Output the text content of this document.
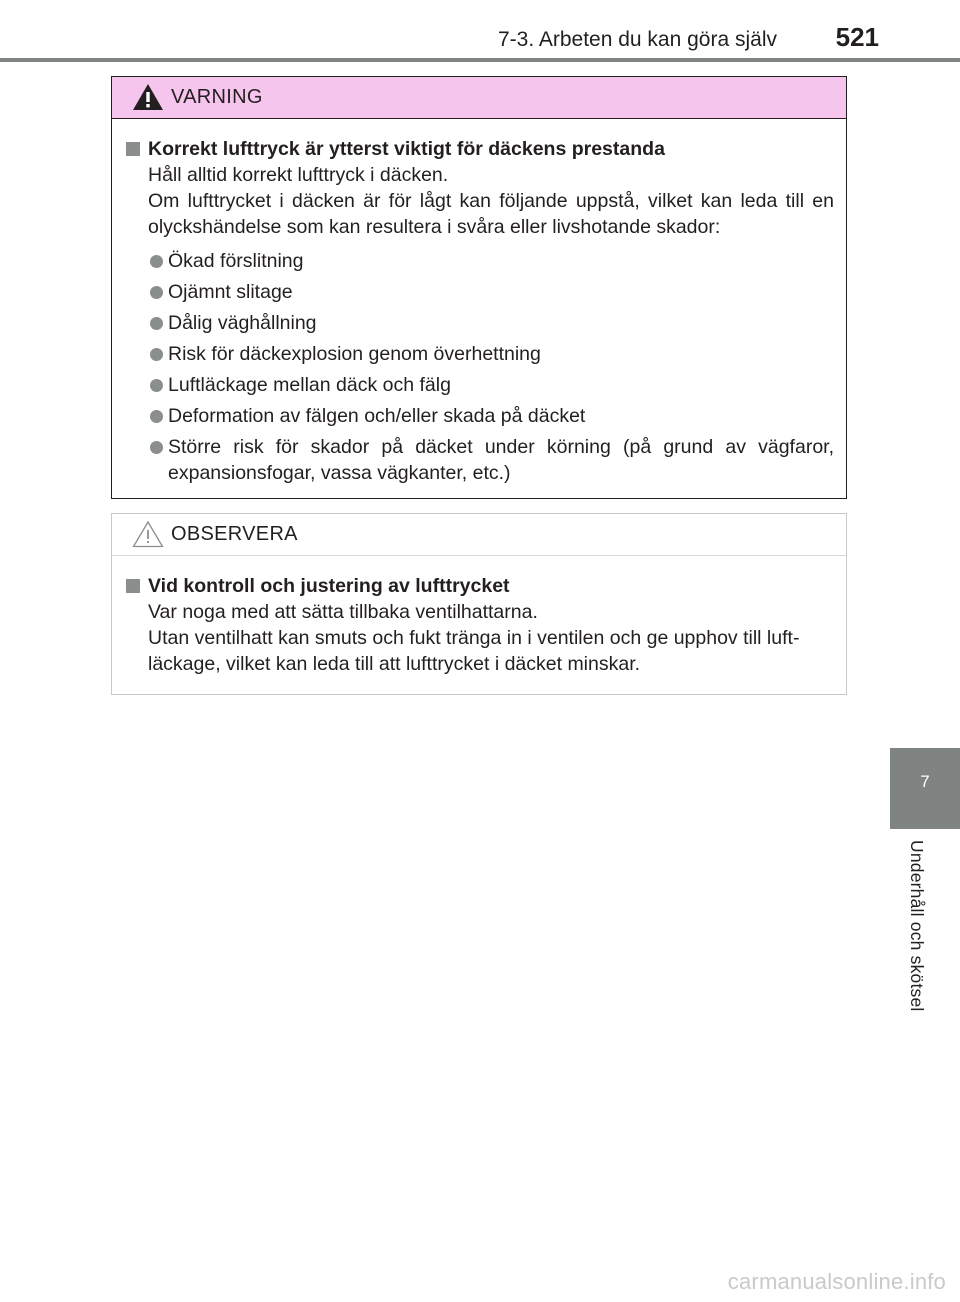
7-3. Arbeten du kan göra själv 521
VARNING
Korrekt lufttryck är ytterst viktigt för däckens prestanda
Håll alltid korrekt lufttryck i däcken.
Om lufttrycket i däcken är för lågt kan följande uppstå, vilket kan leda till en olyckshändelse som kan resultera i svåra eller livshotande skador:
Ökad förslitning
Ojämnt slitage
Dålig väghållning
Risk för däckexplosion genom överhettning
Luftläckage mellan däck och fälg
Deformation av fälgen och/eller skada på däcket
Större risk för skador på däcket under körning (på grund av vägfaror, expansionsfogar, vassa vägkanter, etc.)
OBSERVERA
Vid kontroll och justering av lufttrycket
Var noga med att sätta tillbaka ventilhattarna.
Utan ventilhatt kan smuts och fukt tränga in i ventilen och ge upphov till luft-läckage, vilket kan leda till att lufttrycket i däcket minskar.
7
Underhåll och skötsel
carmanualsonline.info
